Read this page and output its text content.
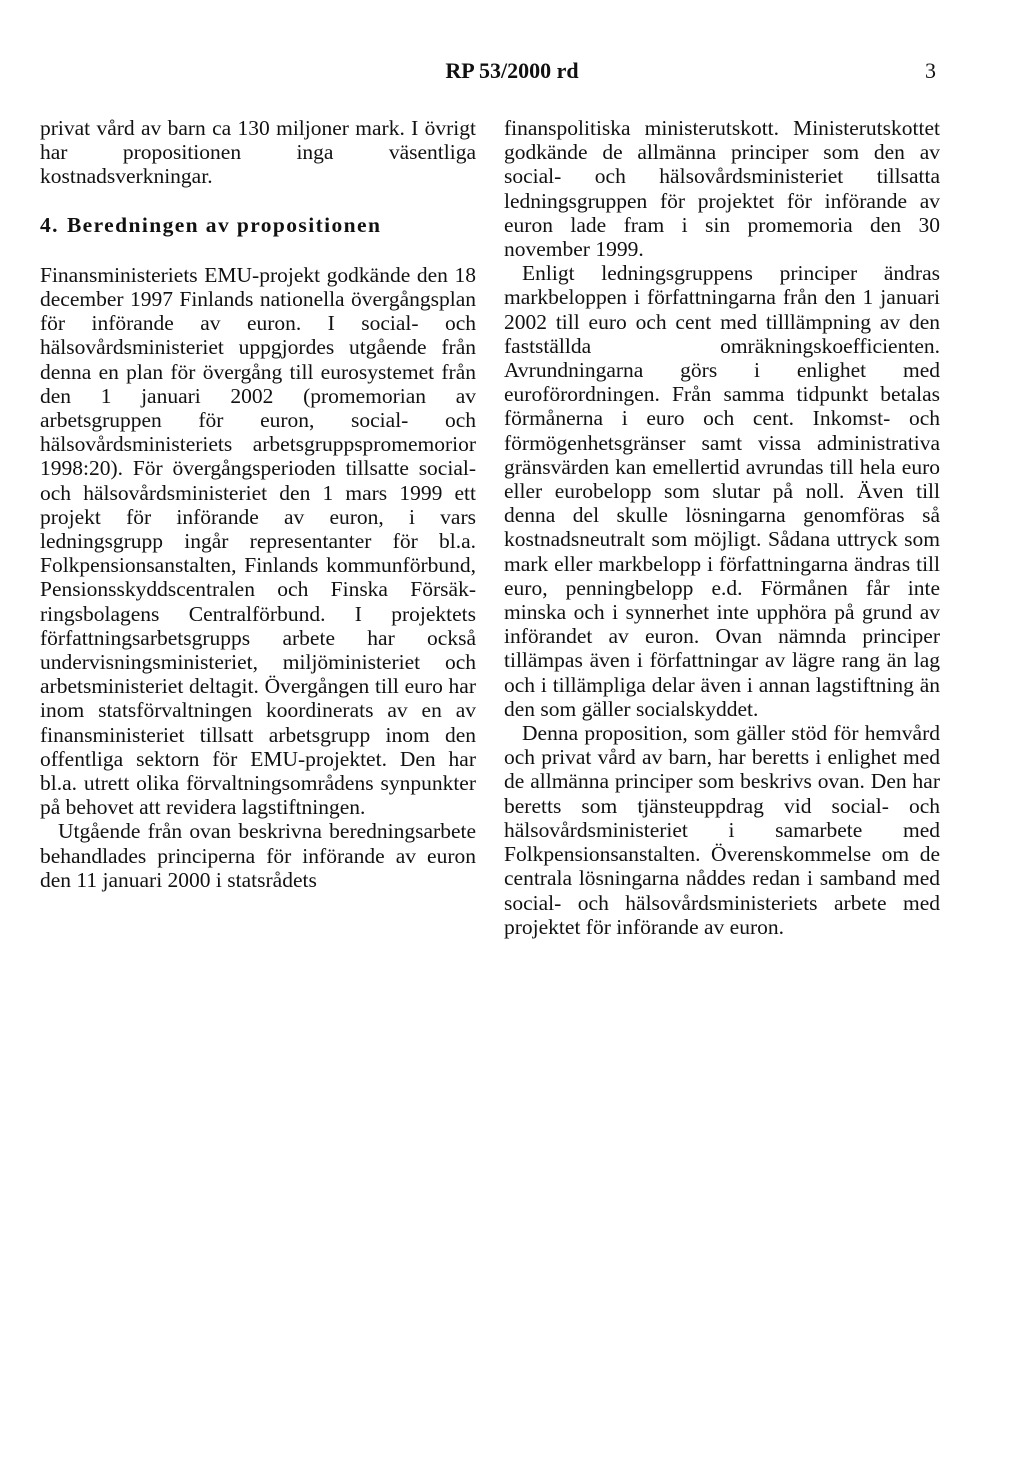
RP 53/2000 rd	3

privat vård av barn ca 130 miljoner mark. I övrigt har propositionen inga väsentliga kostnadsverkningar.

4. Beredningen av propositionen

Finansministeriets EMU-projekt godkände den 18 december 1997 Finlands nationella övergångsplan för införande av euron. I social- och hälsovårdsministeriet uppgjordes utgående från denna en plan för övergång till eurosystemet från den 1 januari 2002 (promemorian av arbetsgruppen för euron, social- och hälsovårdsministeriets arbetsgruppspromemorior 1998:20). För övergångsperioden tillsatte social- och hälsovårdsministeriet den 1 mars 1999 ett projekt för införande av euron, i vars ledningsgrupp ingår representanter för bl.a. Folkpensionsanstalten, Finlands kommunförbund, Pensionsskyddscentralen och Finska Försäkringsbolagens Centralförbund. I projektets författningsarbetsgrupps arbete har också undervisningsministeriet, miljöministeriet och arbetsministeriet deltagit. Övergången till euro har inom statsförvaltningen koordinerats av en av finansministeriet tillsatt arbetsgrupp inom den offentliga sektorn för EMU-projektet. Den har bl.a. utrett olika förvaltningsområdens synpunkter på behovet att revidera lagstiftningen.

Utgående från ovan beskrivna beredningsarbete behandlades principerna för införande av euron den 11 januari 2000 i statsrådets

finanspolitiska ministerutskott. Ministerutskottet godkände de allmänna principer som den av social- och hälsovårdsministeriet tillsatta ledningsgruppen för projektet för införande av euron lade fram i sin promemoria den 30 november 1999.

Enligt ledningsgruppens principer ändras markbeloppen i författningarna från den 1 januari 2002 till euro och cent med tilllämpning av den fastställda omräkningskoefficienten. Avrundningarna görs i enlighet med euroförordningen. Från samma tidpunkt betalas förmånerna i euro och cent. Inkomst- och förmögenhetsgränser samt vissa administrativa gränsvärden kan emellertid avrundas till hela euro eller eurobelopp som slutar på noll. Även till denna del skulle lösningarna genomföras så kostnadsneutralt som möjligt. Sådana uttryck som mark eller markbelopp i författningarna ändras till euro, penningbelopp e.d. Förmånen får inte minska och i synnerhet inte upphöra på grund av införandet av euron. Ovan nämnda principer tillämpas även i författningar av lägre rang än lag och i tillämpliga delar även i annan lagstiftning än den som gäller socialskyddet.

Denna proposition, som gäller stöd för hemvård och privat vård av barn, har beretts i enlighet med de allmänna principer som beskrivs ovan. Den har beretts som tjänsteuppdrag vid social- och hälsovårdsministeriet i samarbete med Folkpensionsanstalten. Överenskommelse om de centrala lösningarna nåddes redan i samband med social- och hälsovårdsministeriets arbete med projektet för införande av euron.
